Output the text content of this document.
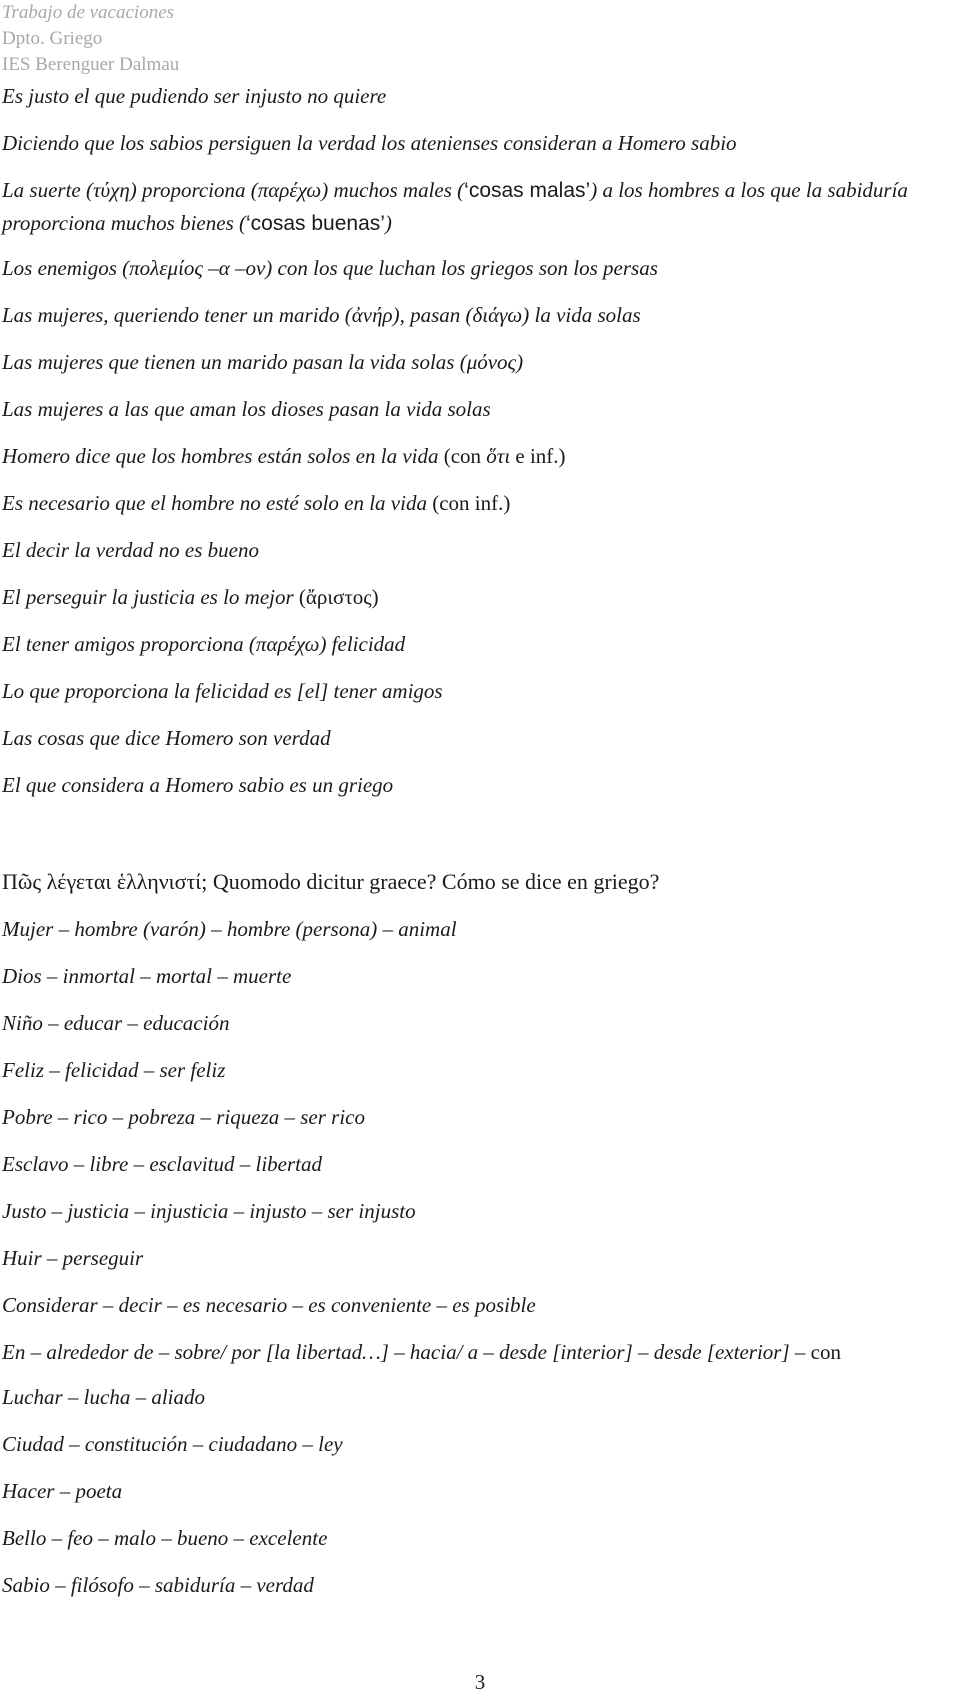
Trabajo de vacaciones
Dpto. Griego
IES Berenguer Dalmau
Es justo el que pudiendo ser injusto no quiere
Diciendo que los sabios persiguen la verdad los atenienses consideran a Homero sabio
La suerte (τύχη) proporciona (παρέχω) muchos males (‘cosas malas’) a los hombres a los que la sabiduría proporciona muchos bienes (‘cosas buenas’)
Los enemigos (πολεμίος –α –ον) con los que luchan los griegos son los persas
Las mujeres, queriendo tener un marido (ἀνήρ), pasan (διάγω) la vida solas
Las mujeres que tienen un marido pasan la vida solas (μόνος)
Las mujeres a las que aman los dioses pasan la vida solas
Homero dice que los hombres están solos en la vida (con ὅτι e inf.)
Es necesario que el hombre no esté solo en la vida (con inf.)
El decir la verdad no es bueno
El perseguir la justicia es lo mejor (ἄριστος)
El tener amigos proporciona (παρέχω) felicidad
Lo que proporciona la felicidad es [el] tener amigos
Las cosas que dice Homero son verdad
El que considera a Homero sabio es un griego
Πῶς λέγεται ἑλληνιστί; Quomodo dicitur graece? Cómo se dice en griego?
Mujer – hombre (varón) – hombre (persona) – animal
Dios – inmortal – mortal – muerte
Niño – educar – educación
Feliz – felicidad – ser feliz
Pobre – rico – pobreza – riqueza – ser rico
Esclavo – libre – esclavitud – libertad
Justo – justicia – injusticia – injusto – ser injusto
Huir – perseguir
Considerar – decir – es necesario – es conveniente – es posible
En – alrededor de – sobre/ por [la libertad…] – hacia/ a – desde [interior] – desde [exterior] – con
Luchar – lucha – aliado
Ciudad – constitución – ciudadano – ley
Hacer – poeta
Bello – feo – malo – bueno – excelente
Sabio – filósofo – sabiduría – verdad
3
